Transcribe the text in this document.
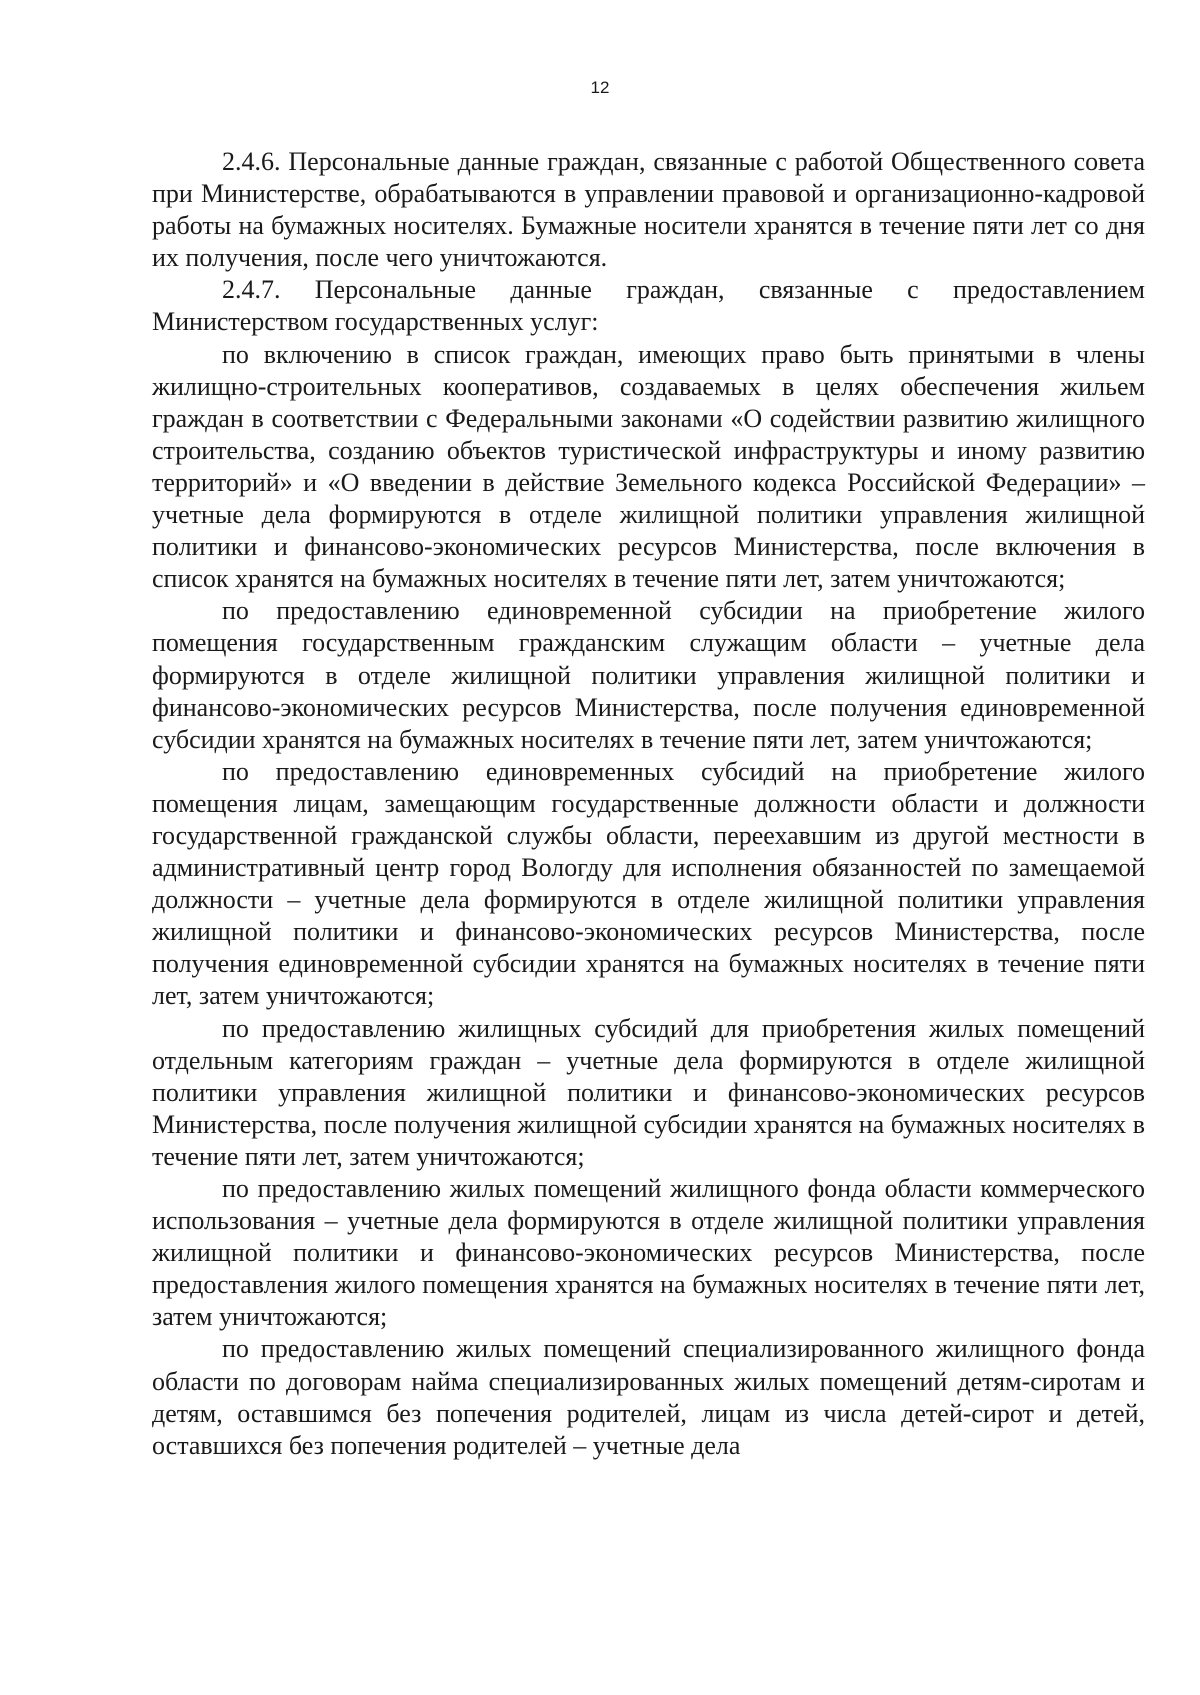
12

2.4.6. Персональные данные граждан, связанные с работой Общественного совета при Министерстве, обрабатываются в управлении правовой и организационно-кадровой работы на бумажных носителях. Бумажные носители хранятся в течение пяти лет со дня их получения, после чего уничтожаются.

2.4.7. Персональные данные граждан, связанные с предоставлением Министерством государственных услуг:

по включению в список граждан, имеющих право быть принятыми в члены жилищно-строительных кооперативов, создаваемых в целях обеспечения жильем граждан в соответствии с Федеральными законами «О содействии развитию жилищного строительства, созданию объектов туристической инфраструктуры и иному развитию территорий» и «О введении в действие Земельного кодекса Российской Федерации» – учетные дела формируются в отделе жилищной политики управления жилищной политики и финансово-экономических ресурсов Министерства, после включения в список хранятся на бумажных носителях в течение пяти лет, затем уничтожаются;

по предоставлению единовременной субсидии на приобретение жилого помещения государственным гражданским служащим области – учетные дела формируются в отделе жилищной политики управления жилищной политики и финансово-экономических ресурсов Министерства, после получения единовременной субсидии хранятся на бумажных носителях в течение пяти лет, затем уничтожаются;

по предоставлению единовременных субсидий на приобретение жилого помещения лицам, замещающим государственные должности области и должности государственной гражданской службы области, переехавшим из другой местности в административный центр город Вологду для исполнения обязанностей по замещаемой должности – учетные дела формируются в отделе жилищной политики управления жилищной политики и финансово-экономических ресурсов Министерства, после получения единовременной субсидии хранятся на бумажных носителях в течение пяти лет, затем уничтожаются;

по предоставлению жилищных субсидий для приобретения жилых помещений отдельным категориям граждан – учетные дела формируются в отделе жилищной политики управления жилищной политики и финансово-экономических ресурсов Министерства, после получения жилищной субсидии хранятся на бумажных носителях в течение пяти лет, затем уничтожаются;

по предоставлению жилых помещений жилищного фонда области коммерческого использования – учетные дела формируются в отделе жилищной политики управления жилищной политики и финансово-экономических ресурсов Министерства, после предоставления жилого помещения хранятся на бумажных носителях в течение пяти лет, затем уничтожаются;

по предоставлению жилых помещений специализированного жилищного фонда области по договорам найма специализированных жилых помещений детям-сиротам и детям, оставшимся без попечения родителей, лицам из числа детей-сирот и детей, оставшихся без попечения родителей – учетные дела
